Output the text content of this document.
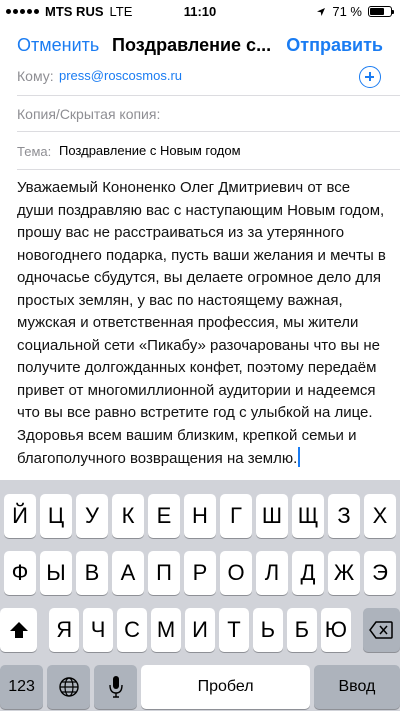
MTS RUS LTE	11:10	71 %
Отменить Поздравление с... Отправить
Кому: press@roscosmos.ru
Копия/Скрытая копия:
Тема: Поздравление с Новым годом
Уважаемый Кононенко Олег Дмитриевич от все души поздравляю вас с наступающим Новым годом, прошу вас не расстраиваться из за утерянного новогоднего подарка, пусть ваши желания и мечты в одночасье сбудутся, вы делаете огромное дело для простых землян, у вас по настоящему важная, мужская и ответственная профессия, мы жители социальной сети «Пикабу» разочарованы что вы не получите долгожданных конфет, поэтому передаём привет от многомиллионной аудитории и надеемся что вы все равно встретите год с улыбкой на лице. Здоровья всем вашим близким, крепкой семьи и благополучного возвращения на землю.
Й Ц У	К	Е Н	Г Ш Щ З	Х
Ф Ы В А П Р О Л Д Ж Э
Я Ч С М И Т Ь Б Ю
123	Пробел	Ввод
